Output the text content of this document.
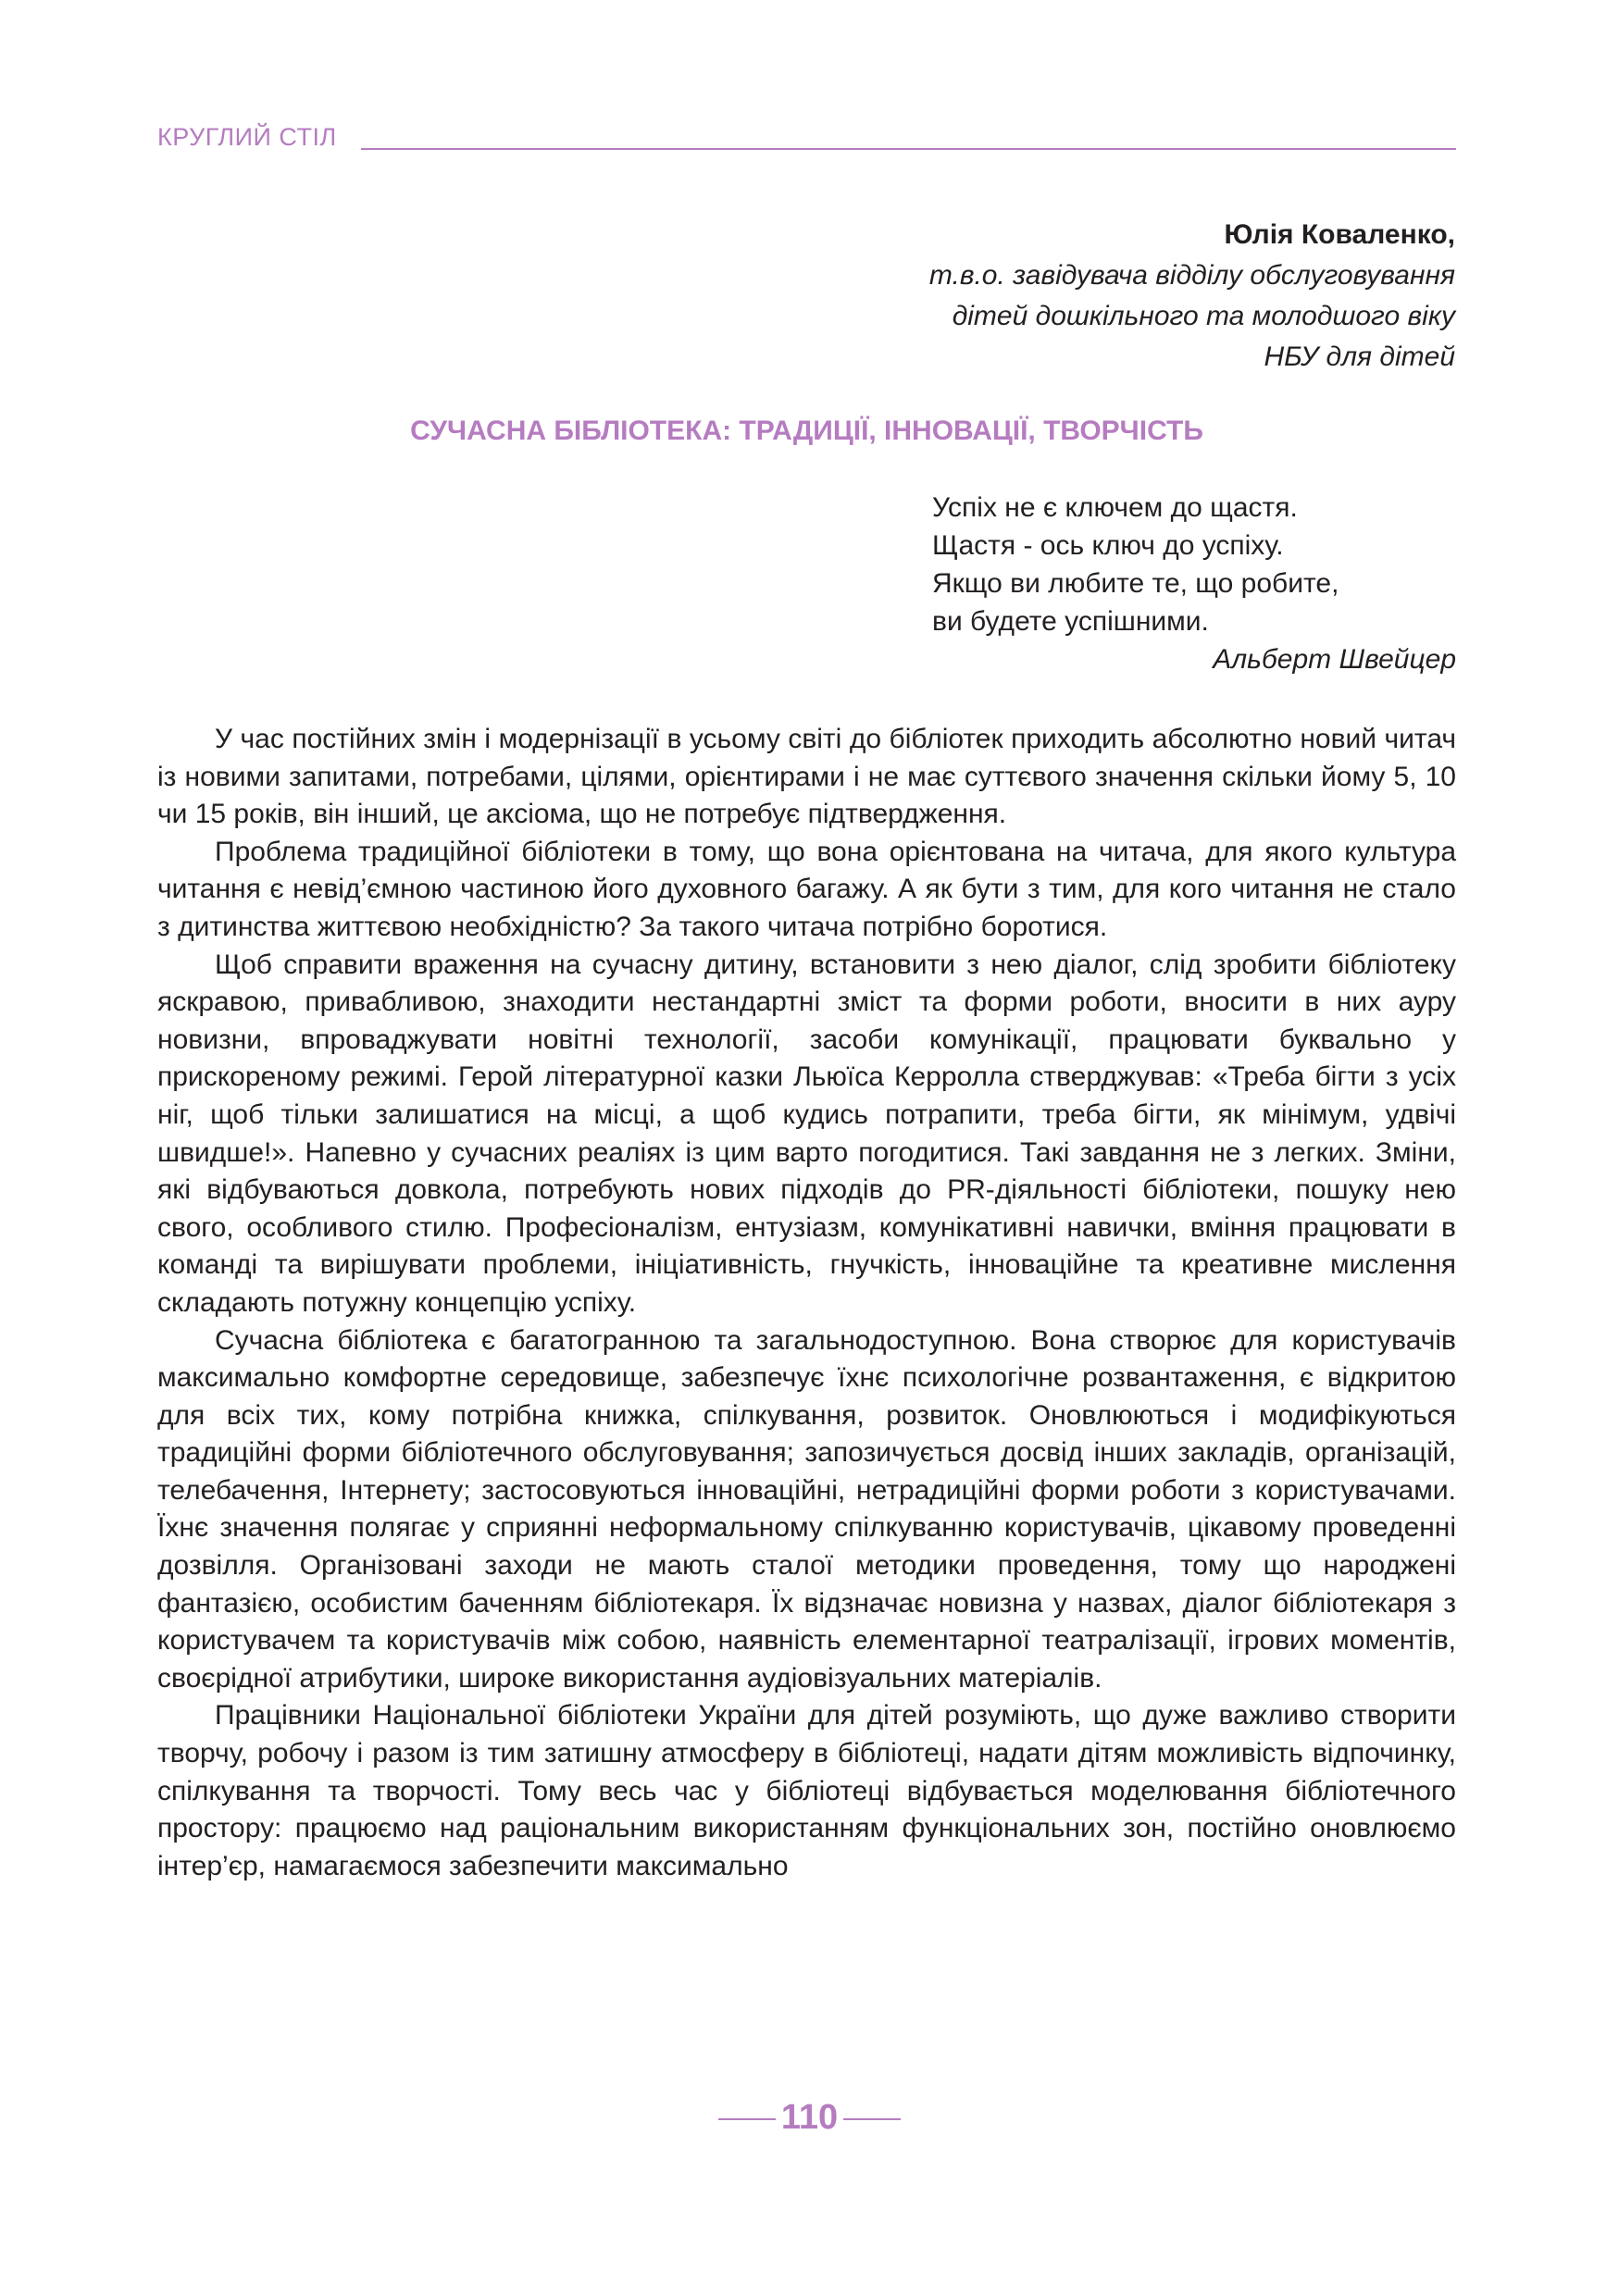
КРУГЛИЙ СТІЛ
Юлія Коваленко,
т.в.о. завідувача відділу обслуговування
дітей дошкільного та молодшого віку
НБУ для дітей
СУЧАСНА БІБЛІОТЕКА: ТРАДИЦІЇ, ІННОВАЦІЇ, ТВОРЧІСТЬ
Успіх не є ключем до щастя.
Щастя - ось ключ до успіху.
Якщо ви любите те, що робите,
ви будете успішними.
Альберт Швейцер

У час постійних змін і модернізації в усьому світі до бібліотек приходить абсолютно новий читач із новими запитами, потребами, цілями, орієнтирами і не має суттєвого значення скільки йому 5, 10 чи 15 років, він інший, це аксіома, що не потребує підтвердження.

Проблема традиційної бібліотеки в тому, що вона орієнтована на читача, для якого культура читання є невід’ємною частиною його духовного багажу. А як бути з тим, для кого читання не стало з дитинства життєвою необхідністю? За такого читача потрібно боротися.

Щоб справити враження на сучасну дитину, встановити з нею діалог, слід зробити бібліотеку яскравою, привабливою, знаходити нестандартні зміст та форми роботи, вносити в них ауру новизни, впроваджувати новітні технології, засоби комунікації, працювати буквально у прискореному режимі. Герой літературної казки Льюїса Керролла стверджував: «Треба бігти з усіх ніг, щоб тільки залишатися на місці, а щоб кудись потрапити, треба бігти, як мінімум, удвічі швидше!». Напевно у сучасних реаліях із цим варто погодитися. Такі завдання не з легких. Зміни, які відбуваються довкола, потребують нових підходів до PR-діяльності бібліотеки, пошуку нею свого, особливого стилю. Професіоналізм, ентузіазм, комунікативні навички, вміння працювати в команді та вирішувати проблеми, ініціативність, гнучкість, інноваційне та креативне мислення складають потужну концепцію успіху.

Сучасна бібліотека є багатогранною та загальнодоступною. Вона створює для користувачів максимально комфортне середовище, забезпечує їхнє психологічне розвантаження, є відкритою для всіх тих, кому потрібна книжка, спілкування, розвиток. Оновлюються і модифікуються традиційні форми бібліотечного обслуговування; запозичується досвід інших закладів, організацій, телебачення, Інтернету; застосовуються інноваційні, нетрадиційні форми роботи з користувачами. Їхнє значення полягає у сприянні неформальному спілкуванню користувачів, цікавому проведенні дозвілля. Організовані заходи не мають сталої методики проведення, тому що народжені фантазією, особистим баченням бібліотекаря. Їх відзначає новизна у назвах, діалог бібліотекаря з користувачем та користувачів між собою, наявність елементарної театралізації, ігрових моментів, своєрідної атрибутики, широке використання аудіовізуальних матеріалів.

Працівники Національної бібліотеки України для дітей розуміють, що дуже важливо створити творчу, робочу і разом із тим затишну атмосферу в бібліотеці, надати дітям можливість відпочинку, спілкування та творчості. Тому весь час у бібліотеці відбувається моделювання бібліотечного простору: працюємо над раціональним використанням функціональних зон, постійно оновлюємо інтер’єр, намагаємося забезпечити максимально

110
